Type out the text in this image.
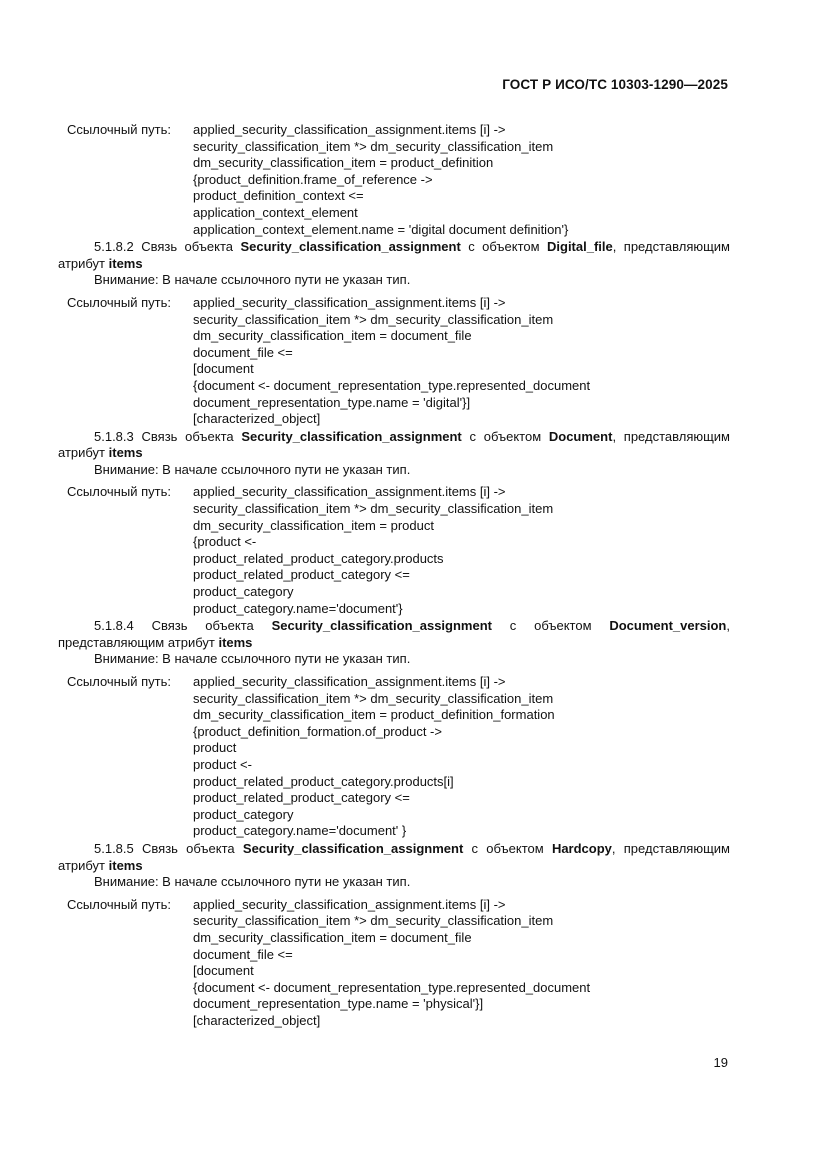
ГОСТ Р ИСО/ТС 10303-1290—2025
Ссылочный путь:	applied_security_classification_assignment.items [i] ->
security_classification_item *> dm_security_classification_item
dm_security_classification_item = product_definition
{product_definition.frame_of_reference ->
product_definition_context <=
application_context_element
application_context_element.name = 'digital document definition'}
5.1.8.2 Связь объекта Security_classification_assignment с объектом Digital_file, представляющим атрибут items
Внимание: В начале ссылочного пути не указан тип.
Ссылочный путь:	applied_security_classification_assignment.items [i] ->
security_classification_item *> dm_security_classification_item
dm_security_classification_item = document_file
document_file <=
[document
{document <- document_representation_type.represented_document
document_representation_type.name = 'digital'}]
[characterized_object]
5.1.8.3 Связь объекта Security_classification_assignment с объектом Document, представляющим атрибут items
Внимание: В начале ссылочного пути не указан тип.
Ссылочный путь:	applied_security_classification_assignment.items [i] ->
security_classification_item *> dm_security_classification_item
dm_security_classification_item = product
{product <-
product_related_product_category.products
product_related_product_category <=
product_category
product_category.name='document'}
5.1.8.4 Связь объекта Security_classification_assignment с объектом Document_version, представляющим атрибут items
Внимание: В начале ссылочного пути не указан тип.
Ссылочный путь:	applied_security_classification_assignment.items [i] ->
security_classification_item *> dm_security_classification_item
dm_security_classification_item = product_definition_formation
{product_definition_formation.of_product ->
product
product <-
product_related_product_category.products[i]
product_related_product_category <=
product_category
product_category.name='document' }
5.1.8.5 Связь объекта Security_classification_assignment с объектом Hardcopy, представляющим атрибут items
Внимание: В начале ссылочного пути не указан тип.
Ссылочный путь:	applied_security_classification_assignment.items [i] ->
security_classification_item *> dm_security_classification_item
dm_security_classification_item = document_file
document_file <=
[document
{document <- document_representation_type.represented_document
document_representation_type.name = 'physical'}]
[characterized_object]
19
